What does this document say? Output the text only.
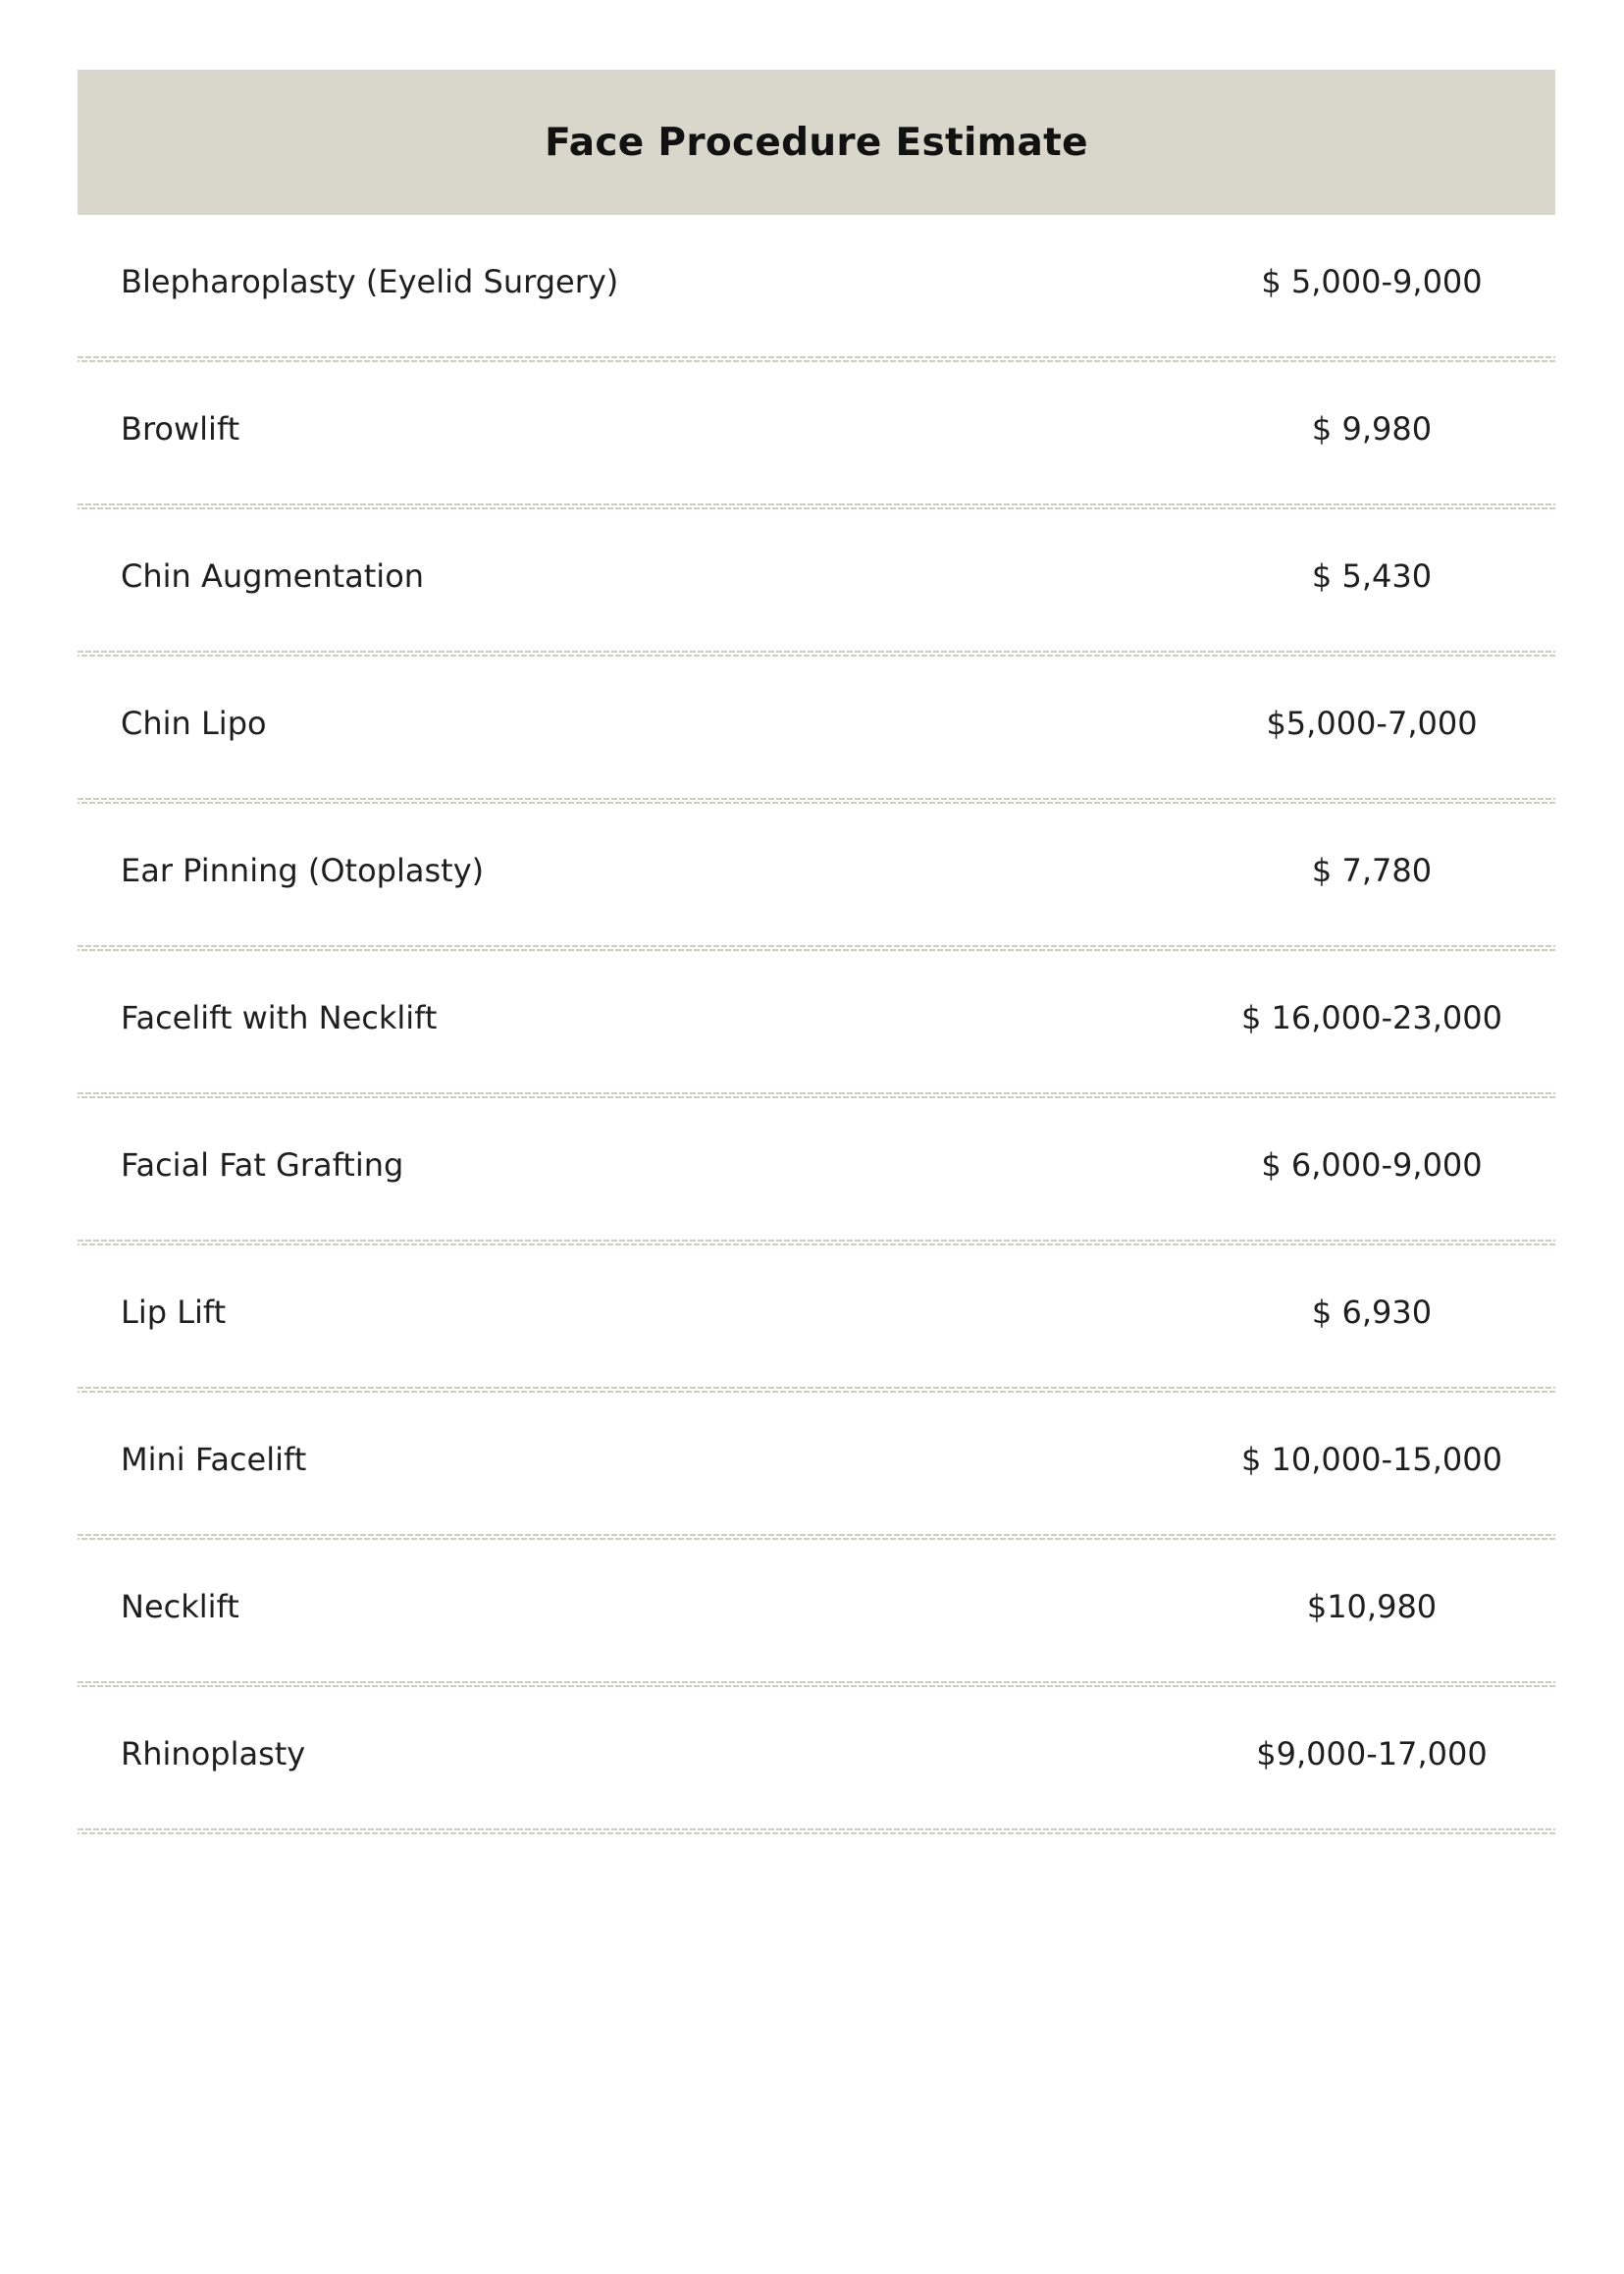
Face Procedure Estimate
Blepharoplasty (Eyelid Surgery)	$ 5,000-9,000
Browlift	$ 9,980
Chin Augmentation	$ 5,430
Chin Lipo	$5,000-7,000
Ear Pinning (Otoplasty)	$ 7,780
Facelift with Necklift	$ 16,000-23,000
Facial Fat Grafting	$ 6,000-9,000
Lip Lift	$ 6,930
Mini Facelift	$ 10,000-15,000
Necklift	$10,980
Rhinoplasty	$9,000-17,000
